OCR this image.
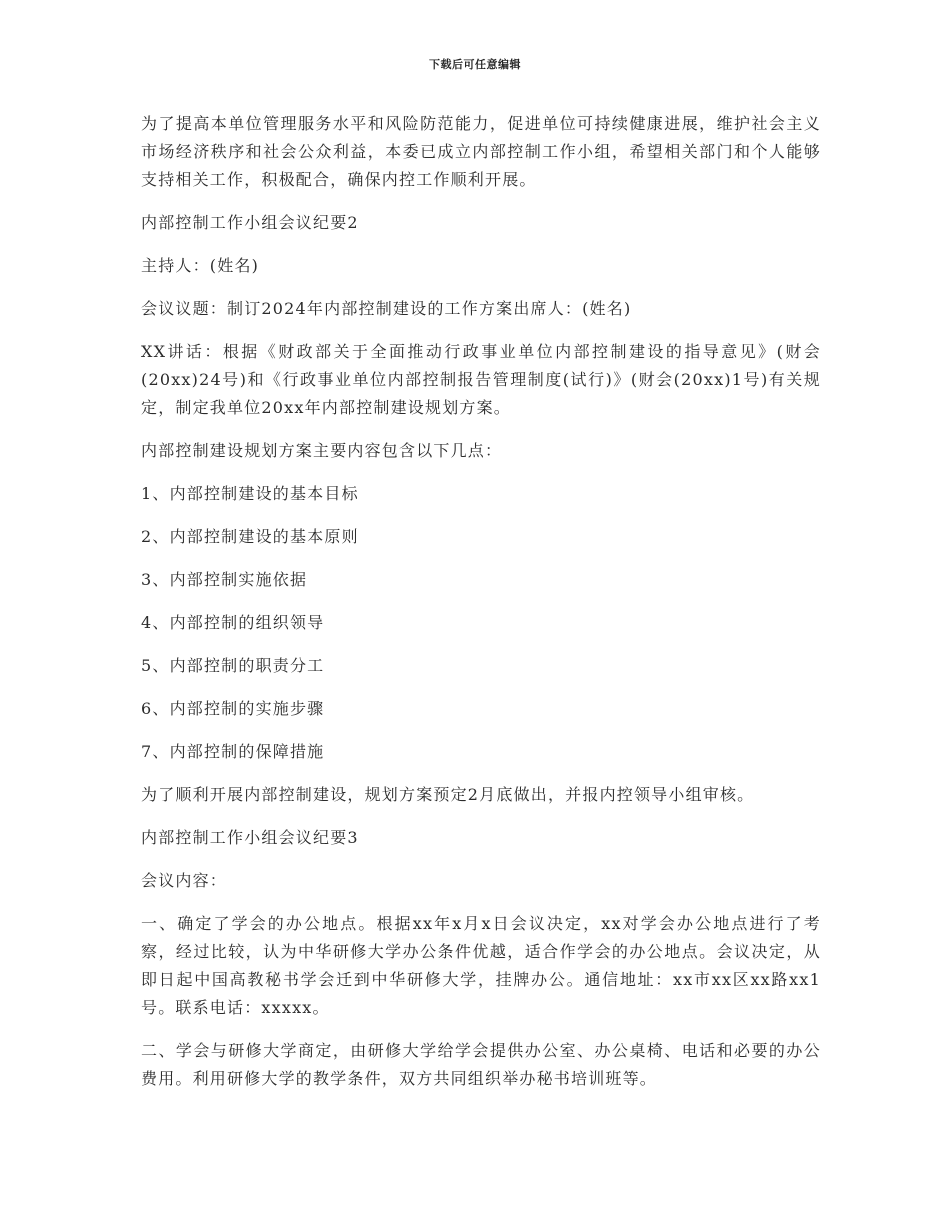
下载后可任意编辑

为了提高本单位管理服务水平和风险防范能力，促进单位可持续健康进展，维护社会主义市场经济秩序和社会公众利益，本委已成立内部控制工作小组，希望相关部门和个人能够支持相关工作，积极配合，确保内控工作顺利开展。

内部控制工作小组会议纪要2

主持人：(姓名)

会议议题：制订2024年内部控制建设的工作方案出席人：(姓名)

XX讲话：根据《财政部关于全面推动行政事业单位内部控制建设的指导意见》(财会(20xx)24号)和《行政事业单位内部控制报告管理制度(试行)》(财会(20xx)1号)有关规定，制定我单位20xx年内部控制建设规划方案。

内部控制建设规划方案主要内容包含以下几点：

1、内部控制建设的基本目标

2、内部控制建设的基本原则

3、内部控制实施依据

4、内部控制的组织领导

5、内部控制的职责分工

6、内部控制的实施步骤

7、内部控制的保障措施

为了顺利开展内部控制建设，规划方案预定2月底做出，并报内控领导小组审核。

内部控制工作小组会议纪要3

会议内容：

一、确定了学会的办公地点。根据xx年x月x日会议决定，xx对学会办公地点进行了考察，经过比较，认为中华研修大学办公条件优越，适合作学会的办公地点。会议决定，从即日起中国高教秘书学会迁到中华研修大学，挂牌办公。通信地址：xx市xx区xx路xx1号。联系电话：xxxxx。

二、学会与研修大学商定，由研修大学给学会提供办公室、办公桌椅、电话和必要的办公费用。利用研修大学的教学条件，双方共同组织举办秘书培训班等。
